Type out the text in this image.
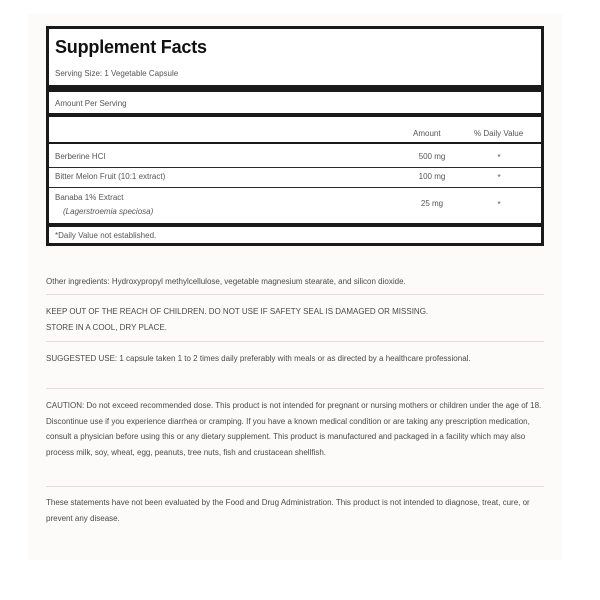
Supplement Facts
Serving Size: 1 Vegetable Capsule
Amount Per Serving
Amount	% Daily Value
Berberine HCl	500 mg	*
Bitter Melon Fruit (10:1 extract)	100 mg	*
Banaba 1% Extract
(Lagerstroemia speciosa)
25 mg	*
*Daily Value not established.
Other ingredients: Hydroxypropyl methylcellulose, vegetable magnesium stearate, and silicon dioxide.
KEEP OUT OF THE REACH OF CHILDREN. DO NOT USE IF SAFETY SEAL IS DAMAGED OR MISSING.
STORE IN A COOL, DRY PLACE.
SUGGESTED USE: 1 capsule taken 1 to 2 times daily preferably with meals or as directed by a healthcare professional.
CAUTION: Do not exceed recommended dose. This product is not intended for pregnant or nursing mothers or children under the age of 18. Discontinue use if you experience diarrhea or cramping. If you have a known medical condition or are taking any prescription medication, consult a physician before using this or any dietary supplement. This product is manufactured and packaged in a facility which may also process milk, soy, wheat, egg, peanuts, tree nuts, fish and crustacean shellfish.
These statements have not been evaluated by the Food and Drug Administration. This product is not intended to diagnose, treat, cure, or prevent any disease.
